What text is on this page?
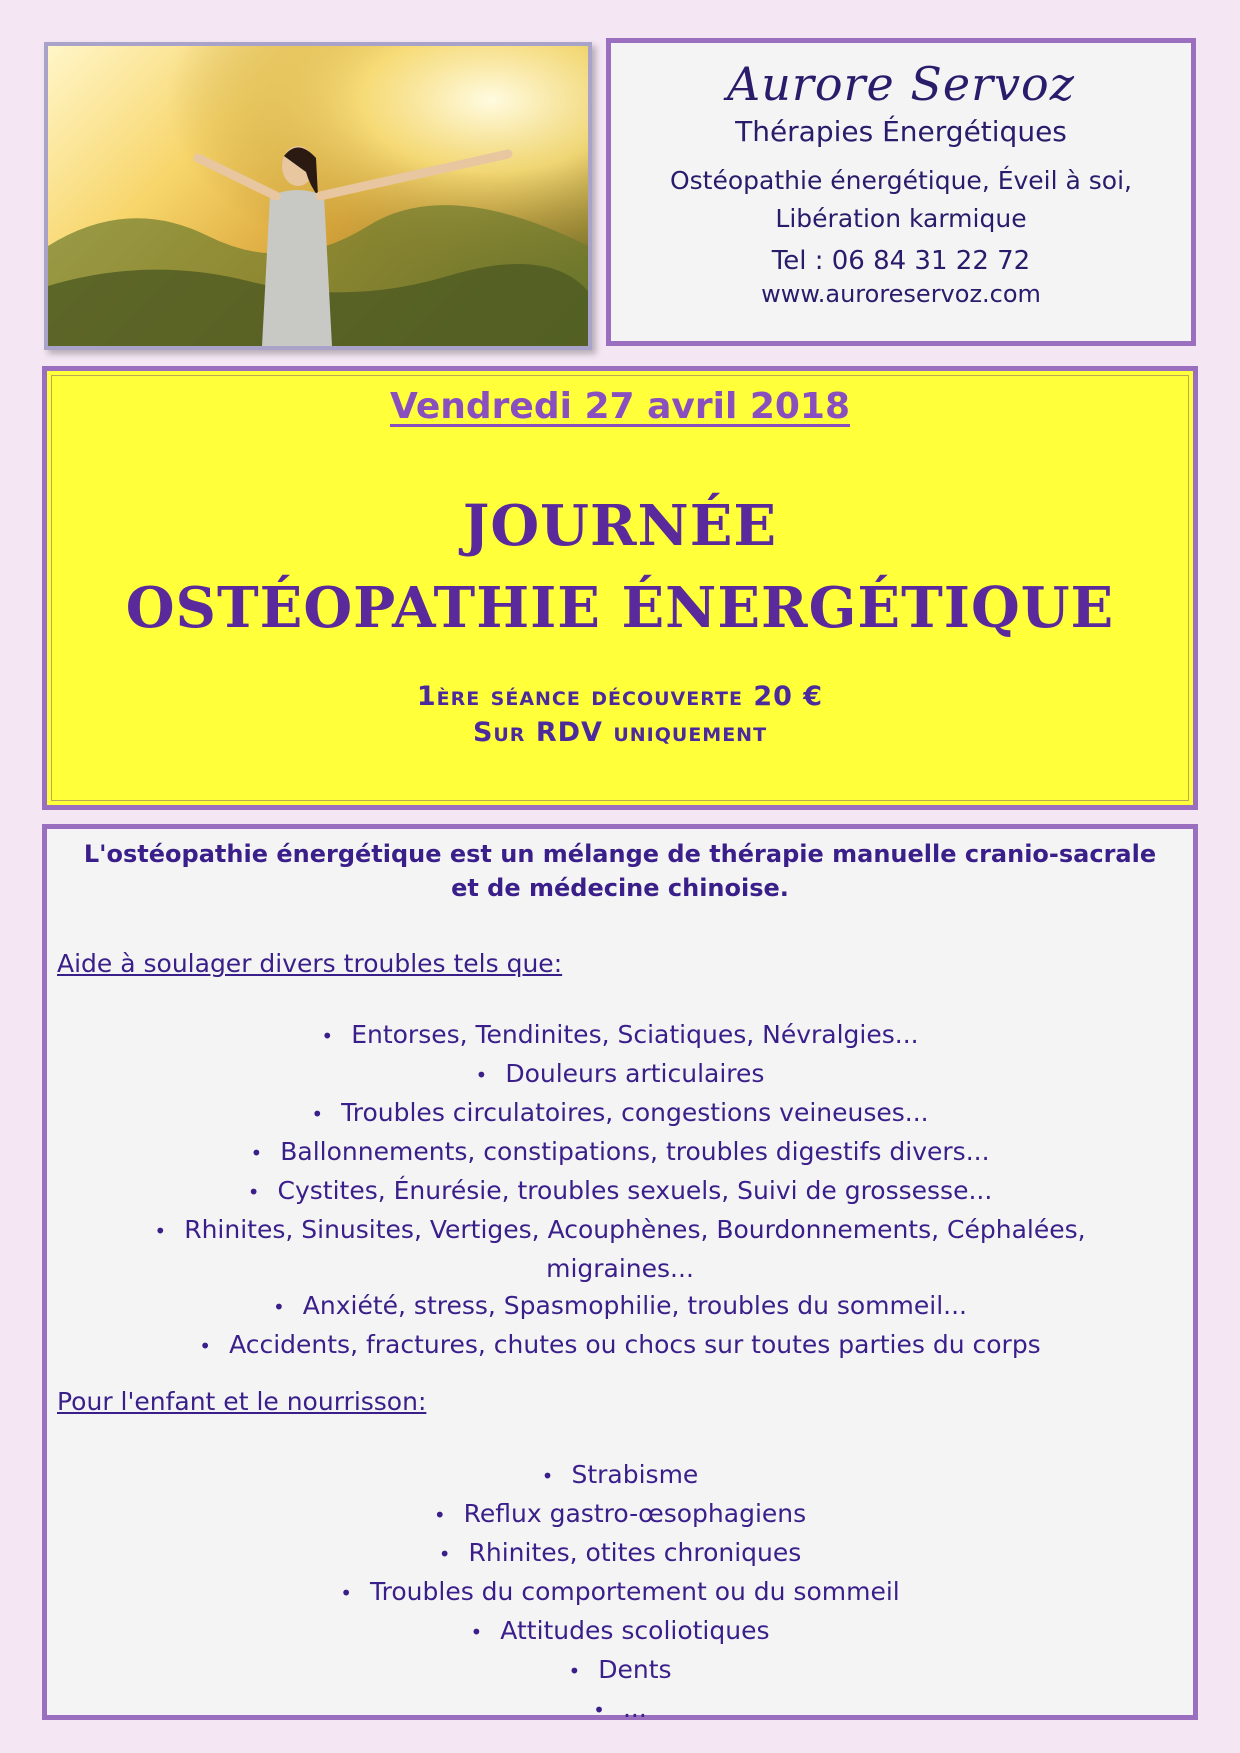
Aurore Servoz
Thérapies Énergétiques
Ostéopathie énergétique, Éveil à soi,
Libération karmique
Tel : 06 84 31 22 72
www.auroreservoz.com
Vendredi 27 avril 2018
JOURNÉE
OSTÉOPATHIE ÉNERGÉTIQUE
1ère séance découverte 20 €
Sur RDV uniquement
L'ostéopathie énergétique est un mélange de thérapie manuelle cranio-sacrale
et de médecine chinoise.
Aide à soulager divers troubles tels que:
• Entorses, Tendinites, Sciatiques, Névralgies...
• Douleurs articulaires
• Troubles circulatoires, congestions veineuses...
• Ballonnements, constipations, troubles digestifs divers...
• Cystites, Énurésie, troubles sexuels, Suivi de grossesse...
• Rhinites, Sinusites, Vertiges, Acouphènes, Bourdonnements, Céphalées, migraines...
• Anxiété, stress, Spasmophilie, troubles du sommeil...
• Accidents, fractures, chutes ou chocs sur toutes parties du corps
Pour l'enfant et le nourrisson:
• Strabisme
• Reflux gastro-œsophagiens
• Rhinites, otites chroniques
• Troubles du comportement ou du sommeil
• Attitudes scoliotiques
• Dents
• ...
